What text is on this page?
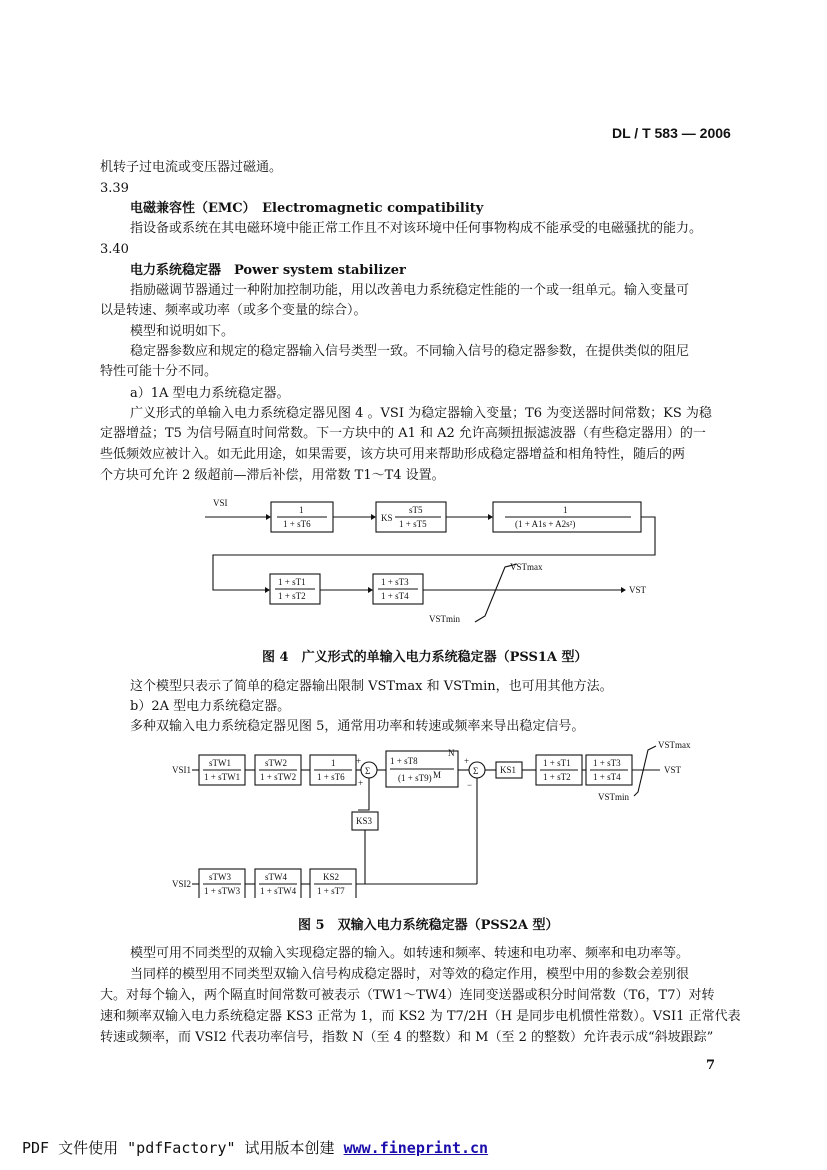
DL / T 583 — 2006
机转子过电流或变压器过磁通。
3.39
电磁兼容性（EMC）　Electromagnetic compatibility
指设备或系统在其电磁环境中能正常工作且不对该环境中任何事物构成不能承受的电磁骚扰的能力。
3.40
电力系统稳定器　Power system stabilizer
指励磁调节器通过一种附加控制功能，用以改善电力系统稳定性能的一个或一组单元。输入变量可
以是转速、频率或功率（或多个变量的综合）。
模型和说明如下。
稳定器参数应和规定的稳定器输入信号类型一致。不同输入信号的稳定器参数，在提供类似的阻尼
特性可能十分不同。
a）1A 型电力系统稳定器。
广义形式的单输入电力系统稳定器见图 4 。VSI 为稳定器输入变量；T6 为变送器时间常数；KS 为稳
定器增益；T5 为信号隔直时间常数。下一方块中的 A1 和 A2 允许高频扭振滤波器（有些稳定器用）的一
些低频效应被计入。如无此用途，如果需要，该方块可用来帮助形成稳定器增益和相角特性，随后的两
个方块可允许 2 级超前—滞后补偿，用常数 T1～T4 设置。
VSI
1
1 + sT6
KS
sT5
1 + sT5
1
(1 + A1s + A2s²)
1 + sT1
1 + sT2
1 + sT3
1 + sT4
VSTmax
VSTmin
VST
图 4　广义形式的单输入电力系统稳定器（PSS1A 型）
这个模型只表示了简单的稳定器输出限制 VSTmax 和 VSTmin，也可用其他方法。
b）2A 型电力系统稳定器。
多种双输入电力系统稳定器见图 5，通常用功率和转速或频率来导出稳定信号。
VSI1
sTW1
1 + sTW1
sTW2
1 + sTW2
1
1 + sT6
Σ
+
+
1 + sT8
N
(1 + sT9) M	Σ
+
−
KS1
1 + sT1
1 + sT2
1 + sT3
1 + sT4
VSTmax
VSTmin
VST
KS3
VSI2
sTW3
1 + sTW3
sTW4
1 + sTW4
KS2
1 + sT7
图 5　双输入电力系统稳定器（PSS2A 型）
模型可用不同类型的双输入实现稳定器的输入。如转速和频率、转速和电功率、频率和电功率等。
当同样的模型用不同类型双输入信号构成稳定器时，对等效的稳定作用，模型中用的参数会差别很
大。对每个输入，两个隔直时间常数可被表示（TW1～TW4）连同变送器或积分时间常数（T6，T7）对转
速和频率双输入电力系统稳定器 KS3 正常为 1，而 KS2 为 T7/2H（H 是同步电机惯性常数）。VSI1 正常代表
转速或频率，而 VSI2 代表功率信号，指数 N（至 4 的整数）和 M（至 2 的整数）允许表示成“斜坡跟踪”
7
PDF 文件使用 "pdfFactory" 试用版本创建 www.fineprint.cn
